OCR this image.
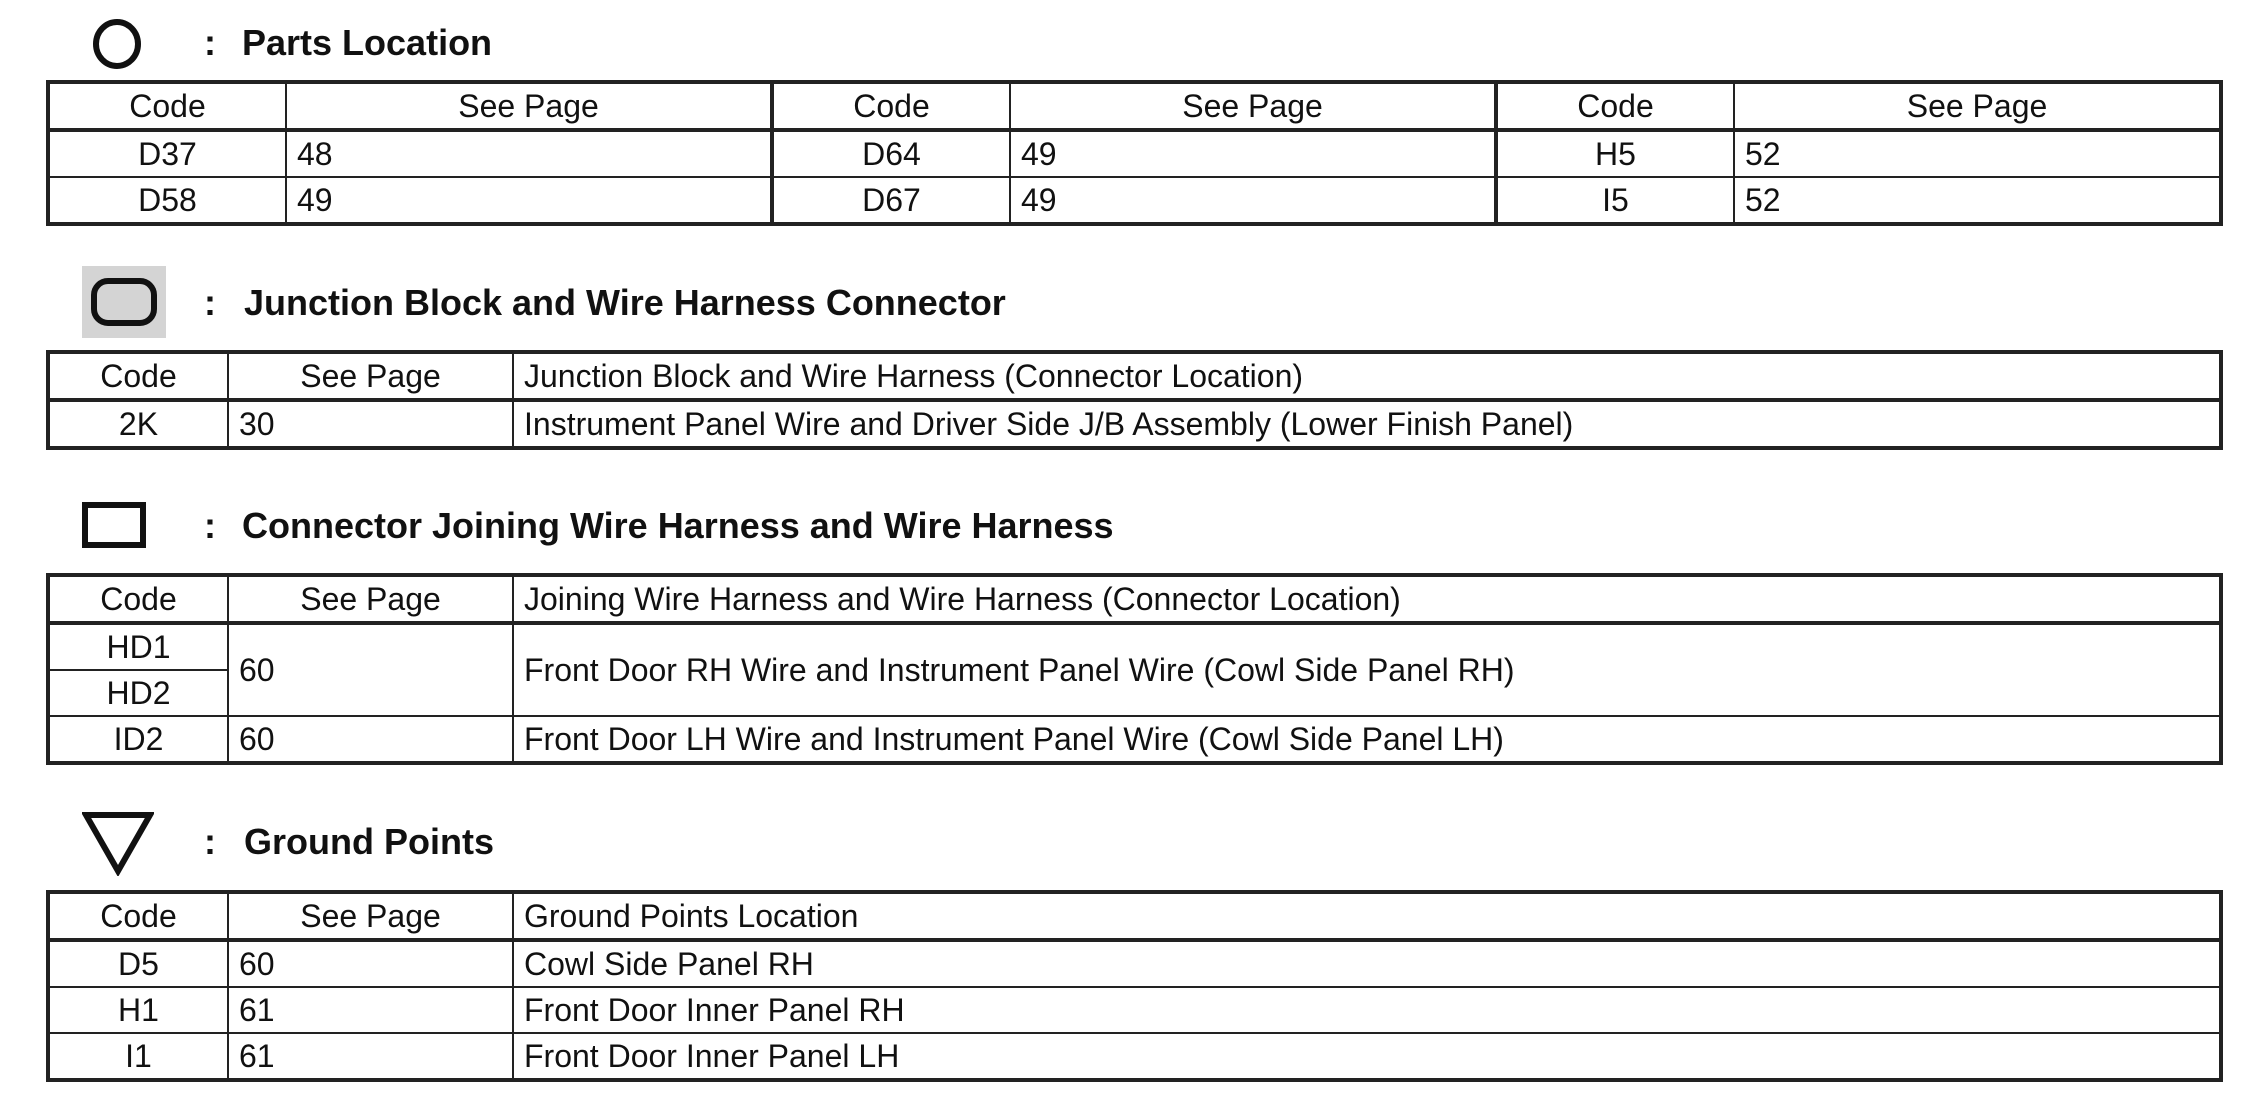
: Parts Location
Code	See Page	Code	See Page	Code	See Page
D37	48	D64	49	H5	52
D58	49	D67	49	I5	52
: Junction Block and Wire Harness Connector
Code	See Page	Junction Block and Wire Harness (Connector Location)
2K	30	Instrument Panel Wire and Driver Side J/B Assembly (Lower Finish Panel)
: Connector Joining Wire Harness and Wire Harness
Code	See Page	Joining Wire Harness and Wire Harness (Connector Location)
HD1	60	Front Door RH Wire and Instrument Panel Wire (Cowl Side Panel RH)
HD2		
ID2	60	Front Door LH Wire and Instrument Panel Wire (Cowl Side Panel LH)
: Ground Points
Code	See Page	Ground Points Location
D5	60	Cowl Side Panel RH
H1	61	Front Door Inner Panel RH
I1	61	Front Door Inner Panel LH
